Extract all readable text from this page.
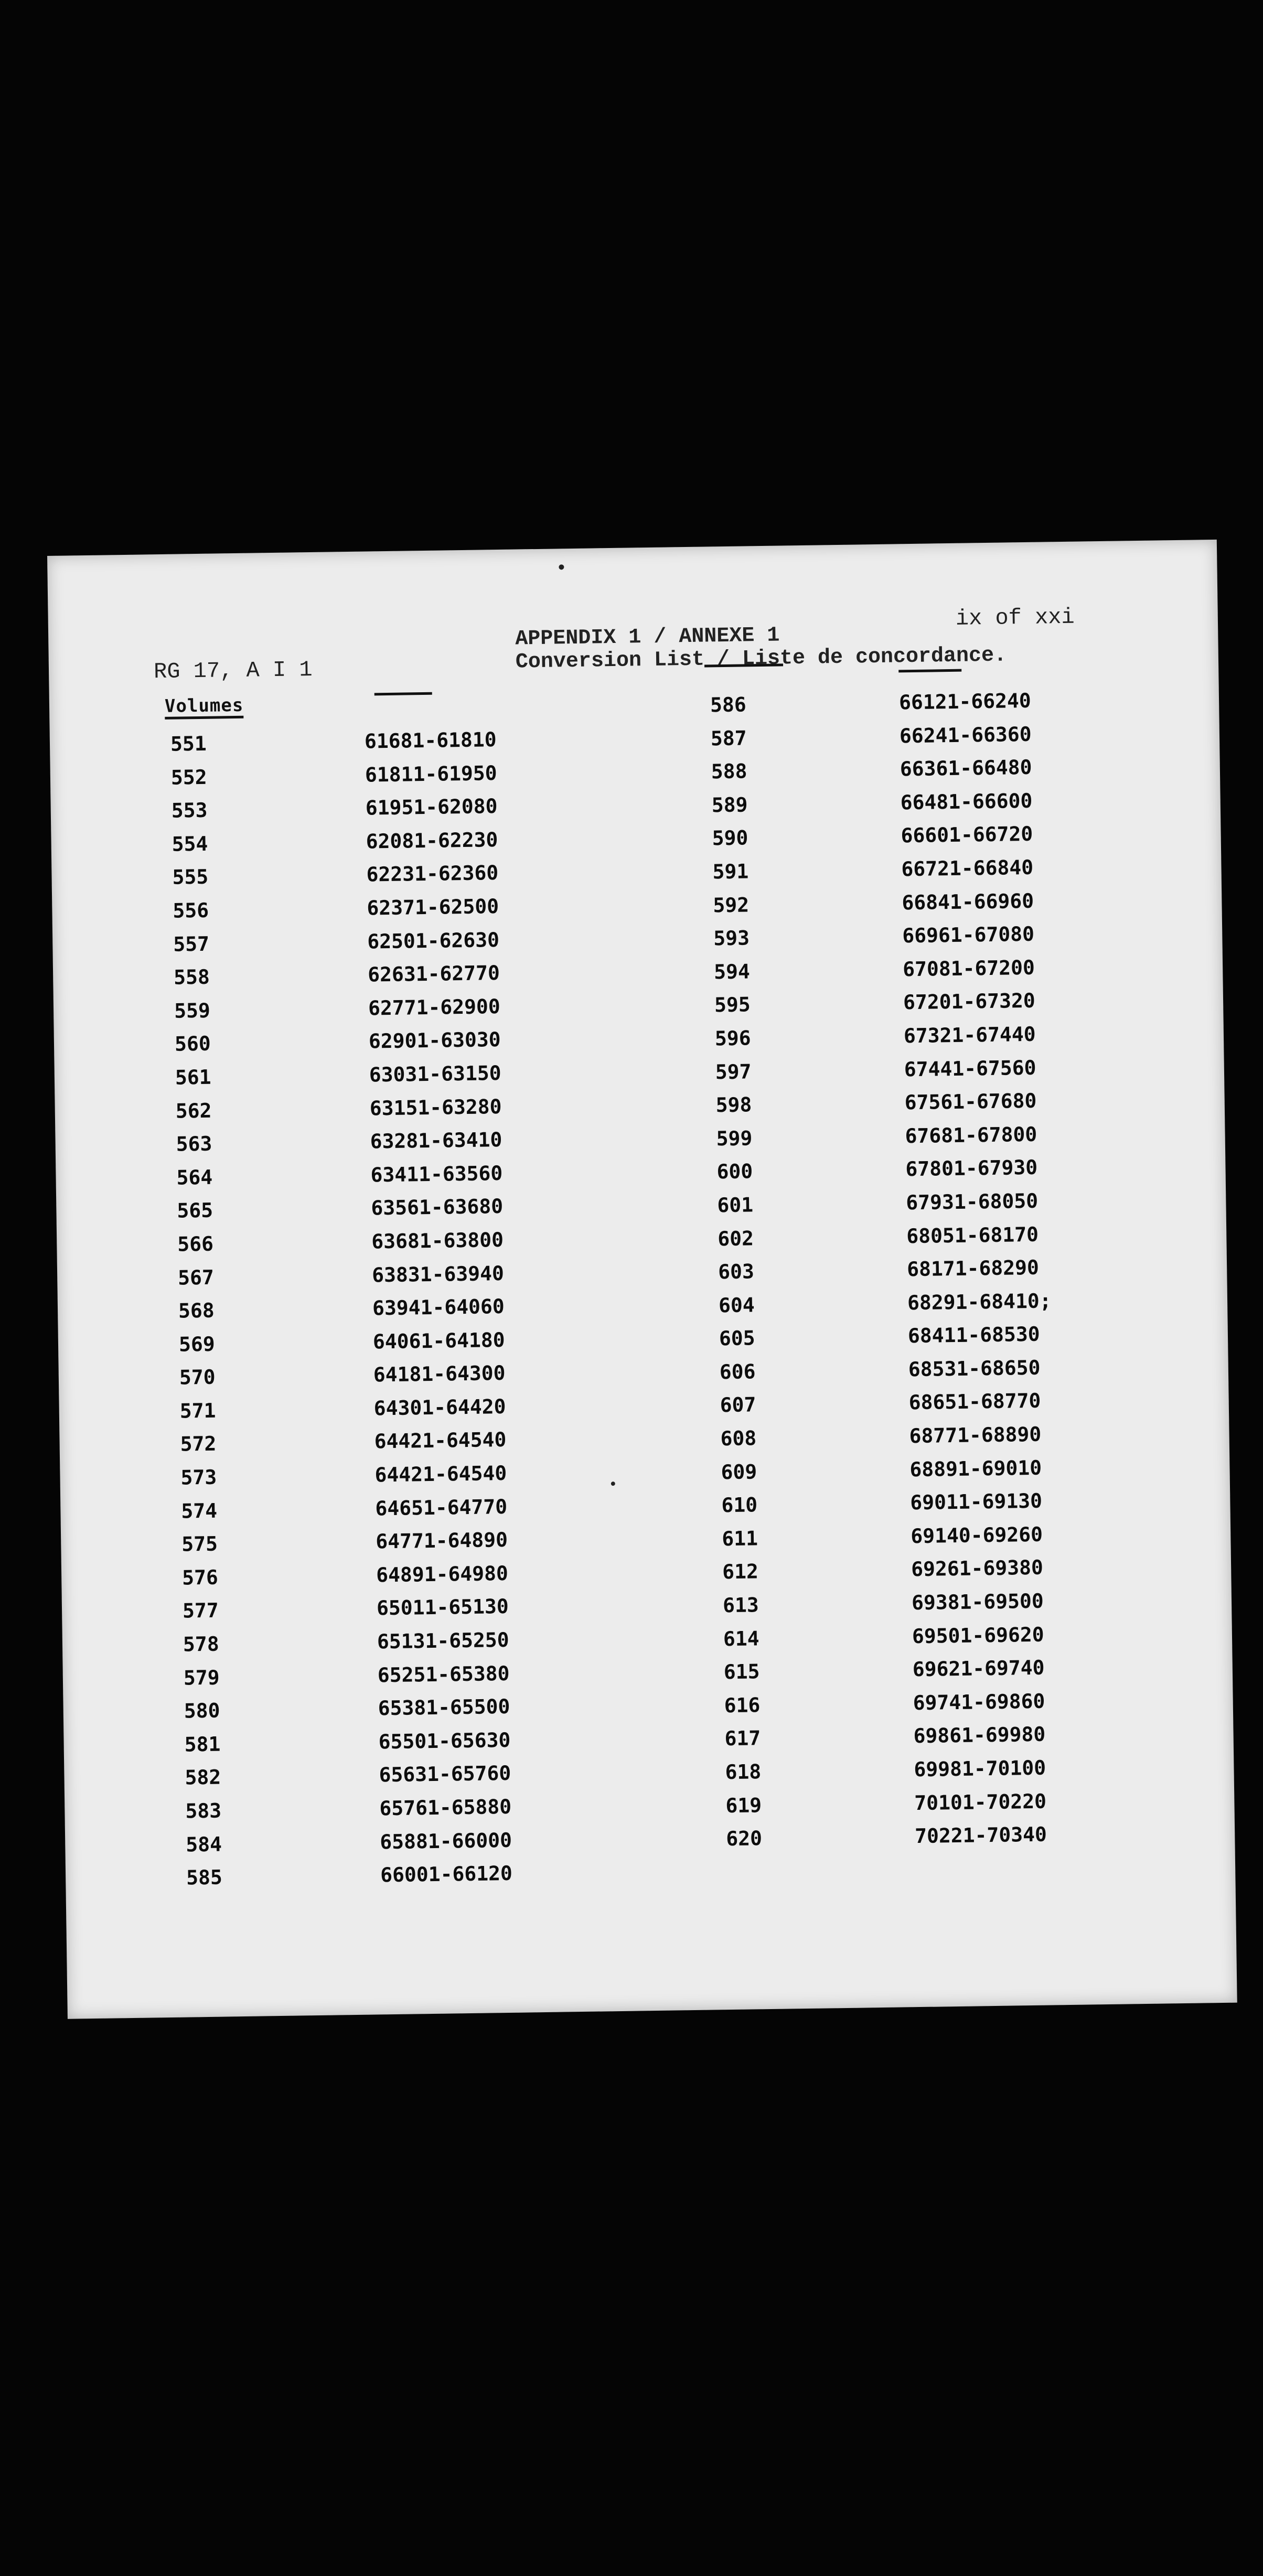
RG 17, A I 1
APPENDIX 1 / ANNEXE 1
Conversion List / Liste de concordance.
ix of xxi
Volumes
551
552
553
554
555
556
557
558
559
560
561
562
563
564
565
566
567
568
569
570
571
572
573
574
575
576
577
578
579
580
581
582
583
584
585
61681-61810
61811-61950
61951-62080
62081-62230
62231-62360
62371-62500
62501-62630
62631-62770
62771-62900
62901-63030
63031-63150
63151-63280
63281-63410
63411-63560
63561-63680
63681-63800
63831-63940
63941-64060
64061-64180
64181-64300
64301-64420
64421-64540
64421-64540
64651-64770
64771-64890
64891-64980
65011-65130
65131-65250
65251-65380
65381-65500
65501-65630
65631-65760
65761-65880
65881-66000
66001-66120
586
587
588
589
590
591
592
593
594
595
596
597
598
599
600
601
602
603
604
605
606
607
608
609
610
611
612
613
614
615
616
617
618
619
620
66121-66240
66241-66360
66361-66480
66481-66600
66601-66720
66721-66840
66841-66960
66961-67080
67081-67200
67201-67320
67321-67440
67441-67560
67561-67680
67681-67800
67801-67930
67931-68050
68051-68170
68171-68290
68291-68410;
68411-68530
68531-68650
68651-68770
68771-68890
68891-69010
69011-69130
69140-69260
69261-69380
69381-69500
69501-69620
69621-69740
69741-69860
69861-69980
69981-70100
70101-70220
70221-70340
